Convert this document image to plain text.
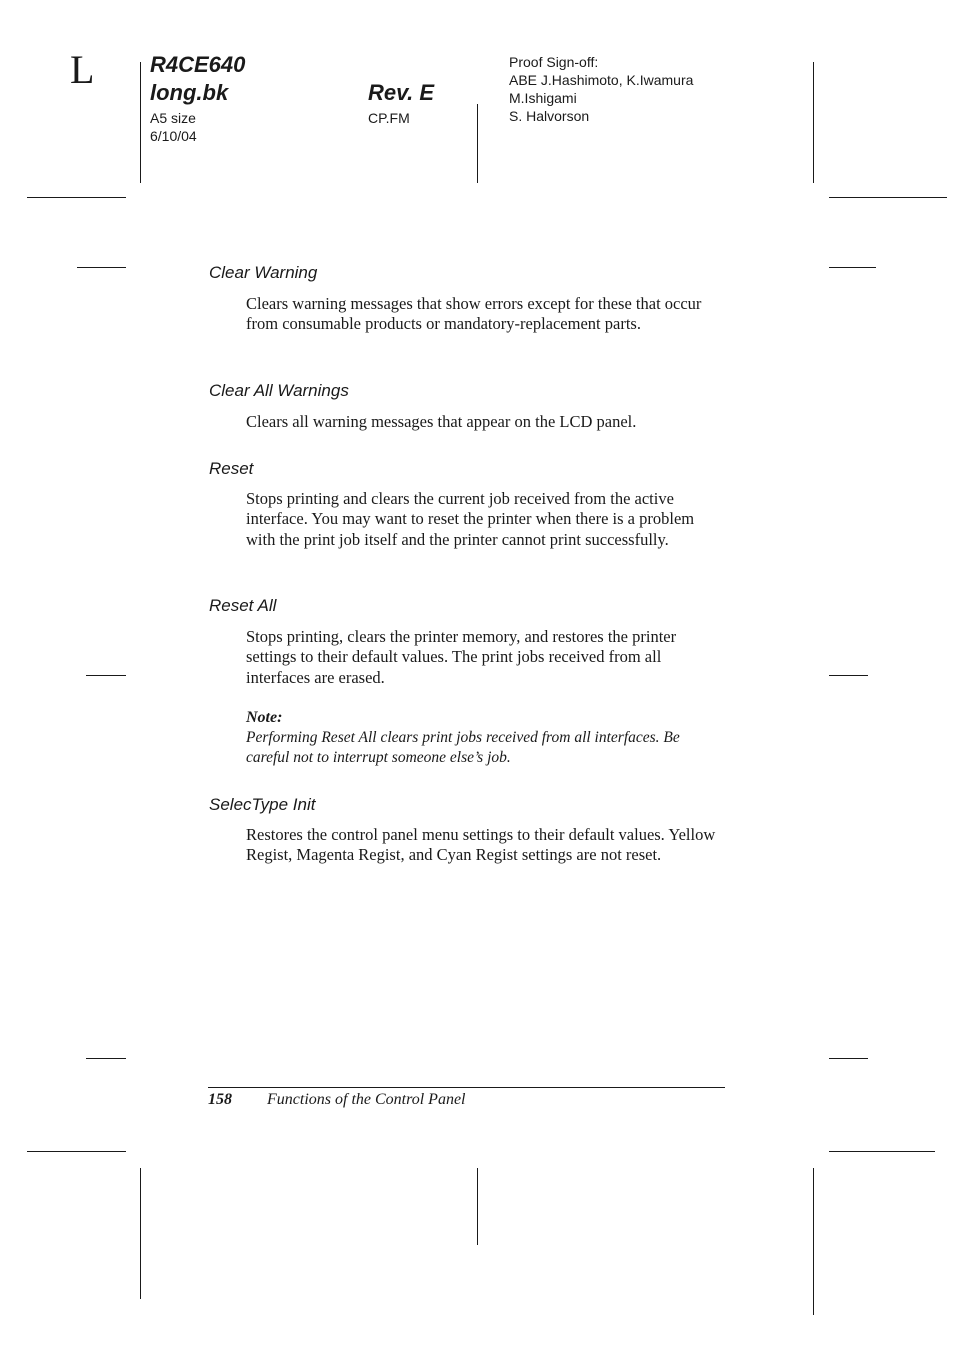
L	R4CE640
long.bk	Rev. E
A5 size
6/10/04
CP.FM
Proof Sign-off:
ABE J.Hashimoto, K.Iwamura
M.Ishigami
S. Halvorson
Clear Warning
Clears warning messages that show errors except for these that occur from consumable products or mandatory-replacement parts.
Clear All Warnings
Clears all warning messages that appear on the LCD panel.
Reset
Stops printing and clears the current job received from the active interface. You may want to reset the printer when there is a problem with the print job itself and the printer cannot print successfully.
Reset All
Stops printing, clears the printer memory, and restores the printer settings to their default values. The print jobs received from all interfaces are erased.
Note:
Performing Reset All clears print jobs received from all interfaces. Be careful not to interrupt someone else’s job.
SelecType Init
Restores the control panel menu settings to their default values. Yellow Regist, Magenta Regist, and Cyan Regist settings are not reset.
158 Functions of the Control Panel
